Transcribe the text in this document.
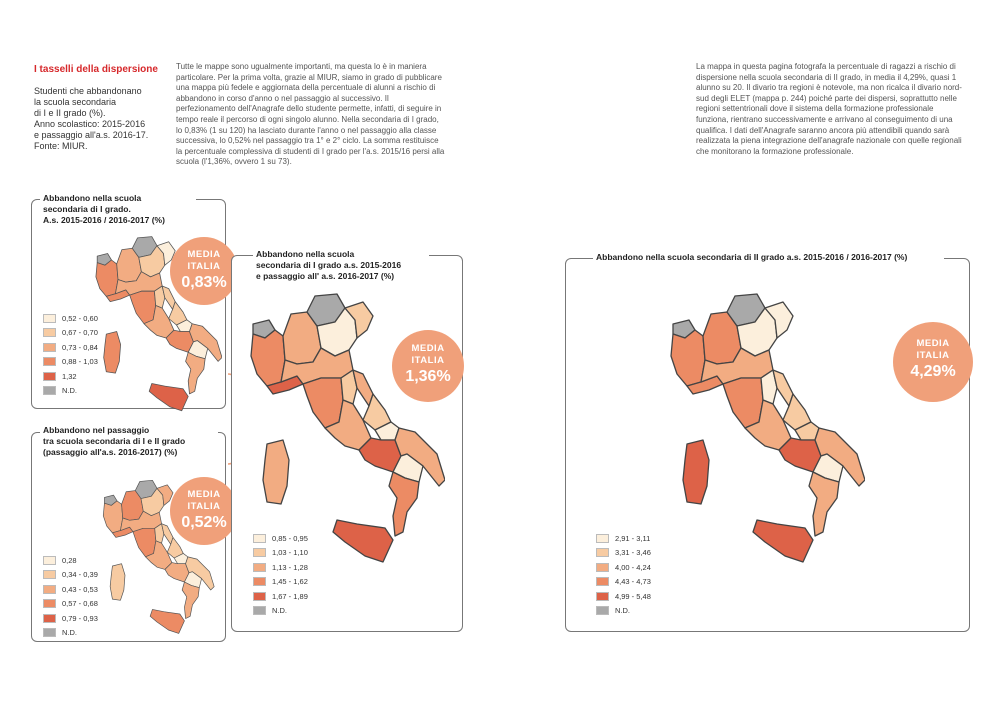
I tasselli della dispersione
Studenti che abbandonano
la scuola secondaria
di I e II grado (%).
Anno scolastico: 2015-2016
e passaggio all'a.s. 2016-17.
Fonte: MIUR.
Tutte le mappe sono ugualmente importanti, ma questa lo è in maniera particolare. Per la prima volta, grazie al MIUR, siamo in grado di pubblicare una mappa più fedele e aggiornata della percentuale di alunni a rischio di abbandono in corso d'anno o nel passaggio al successivo. Il perfezionamento dell'Anagrafe dello studente permette, infatti, di seguire in tempo reale il percorso di ogni singolo alunno. Nella secondaria di I grado, lo 0,83% (1 su 120) ha lasciato durante l'anno o nel passaggio alla classe successiva, lo 0,52% nel passaggio tra 1° e 2° ciclo. La somma restituisce la percentuale complessiva di studenti di I grado per l'a.s. 2015/16 persi alla scuola (l'1,36%, ovvero 1 su 73).
La mappa in questa pagina fotografa la percentuale di ragazzi a rischio di dispersione nella scuola secondaria di II grado, in media il 4,29%, quasi 1 alunno su 20. Il divario tra regioni è notevole, ma non ricalca il divario nord-sud degli ELET (mappa p. 244) poiché parte dei dispersi, soprattutto nelle regioni settentrionali dove il sistema della formazione professionale funziona, rientrano successivamente e arrivano al conseguimento di una qualifica. I dati dell'Anagrafe saranno ancora più attendibili quando sarà realizzata la piena integrazione dell'anagrafe nazionale con quelle regionali che monitorano la formazione professionale.
Abbandono nella scuola
secondaria di I grado.
A.s. 2015-2016 / 2016-2017 (%)
MEDIA
ITALIA
0,83%
0,52 - 0,60
0,67 - 0,70
0,73 - 0,84
0,88 - 1,03
1,32
N.D.
Abbandono nel passaggio
tra scuola secondaria di I e II grado
(passaggio all'a.s. 2016-2017) (%)
MEDIA
ITALIA
0,52%
0,28
0,34 - 0,39
0,43 - 0,53
0,57 - 0,68
0,79 - 0,93
N.D.
Abbandono nella scuola
secondaria di I grado a.s. 2015-2016
e passaggio all' a.s. 2016-2017 (%)
MEDIA
ITALIA
1,36%
0,85 - 0,95
1,03 - 1,10
1,13 - 1,28
1,45 - 1,62
1,67 - 1,89
N.D.
Abbandono nella scuola secondaria di II grado a.s. 2015-2016 / 2016-2017 (%)
MEDIA
ITALIA
4,29%
2,91 - 3,11
3,31 - 3,46
4,00 - 4,24
4,43 - 4,73
4,99 - 5,48
N.D.
